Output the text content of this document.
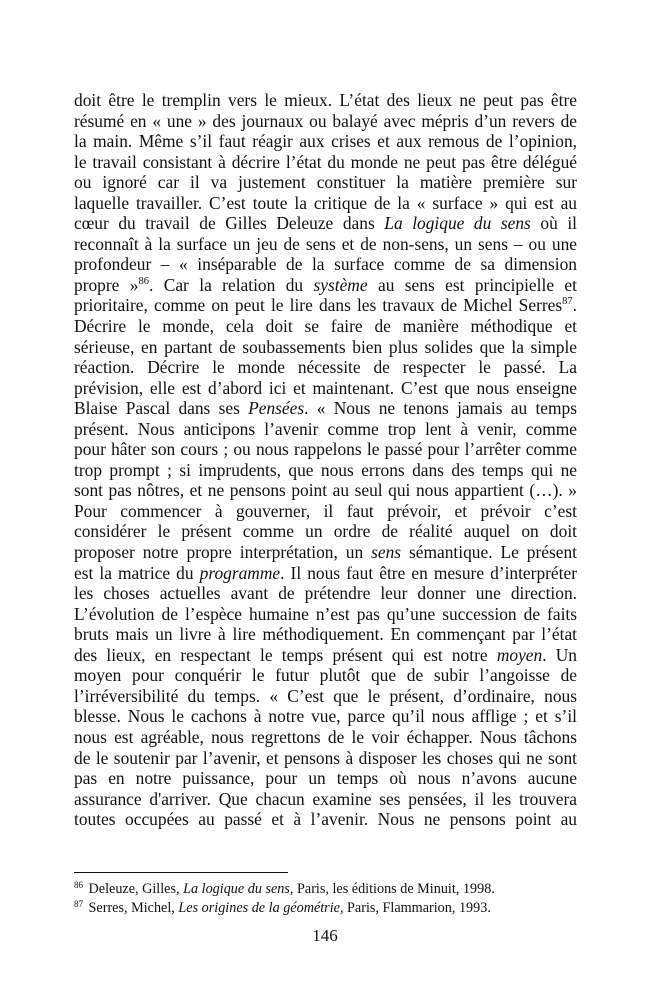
doit être le tremplin vers le mieux. L’état des lieux ne peut pas être
résumé en « une » des journaux ou balayé avec mépris d’un revers de
la main. Même s’il faut réagir aux crises et aux remous de l’opinion,
le travail consistant à décrire l’état du monde ne peut pas être délégué
ou ignoré car il va justement constituer la matière première sur
laquelle travailler. C’est toute la critique de la « surface » qui est au
cœur du travail de Gilles Deleuze dans La logique du sens où il
reconnaît à la surface un jeu de sens et de non-sens, un sens – ou une
profondeur – « inséparable de la surface comme de sa dimension
propre »$^{86}$. Car la relation du système au sens est principielle et
prioritaire, comme on peut le lire dans les travaux de Michel Serres$^{87}$.
Décrire le monde, cela doit se faire de manière méthodique et
sérieuse, en partant de soubassements bien plus solides que la simple
réaction. Décrire le monde nécessite de respecter le passé. La
prévision, elle est d’abord ici et maintenant. C’est que nous enseigne
Blaise Pascal dans ses Pensées. « Nous ne tenons jamais au temps
présent. Nous anticipons l’avenir comme trop lent à venir, comme
pour hâter son cours ; ou nous rappelons le passé pour l’arrêter comme
trop prompt ; si imprudents, que nous errons dans des temps qui ne
sont pas nôtres, et ne pensons point au seul qui nous appartient (…). »
Pour commencer à gouverner, il faut prévoir, et prévoir c’est
considérer le présent comme un ordre de réalité auquel on doit
proposer notre propre interprétation, un sens sémantique. Le présent
est la matrice du programme. Il nous faut être en mesure d’interpréter
les choses actuelles avant de prétendre leur donner une direction.
L’évolution de l’espèce humaine n’est pas qu’une succession de faits
bruts mais un livre à lire méthodiquement. En commençant par l’état
des lieux, en respectant le temps présent qui est notre moyen. Un
moyen pour conquérir le futur plutôt que de subir l’angoisse de
l’irréversibilité du temps. « C’est que le présent, d’ordinaire, nous
blesse. Nous le cachons à notre vue, parce qu’il nous afflige ; et s’il
nous est agréable, nous regrettons de le voir échapper. Nous tâchons
de le soutenir par l’avenir, et pensons à disposer les choses qui ne sont
pas en notre puissance, pour un temps où nous n’avons aucune
assurance d'arriver. Que chacun examine ses pensées, il les trouvera
toutes occupées au passé et à l’avenir. Nous ne pensons point au
$^{86}$ Deleuze, Gilles, La logique du sens, Paris, les éditions de Minuit, 1998.
$^{87}$ Serres, Michel, Les origines de la géométrie, Paris, Flammarion, 1993.
146
